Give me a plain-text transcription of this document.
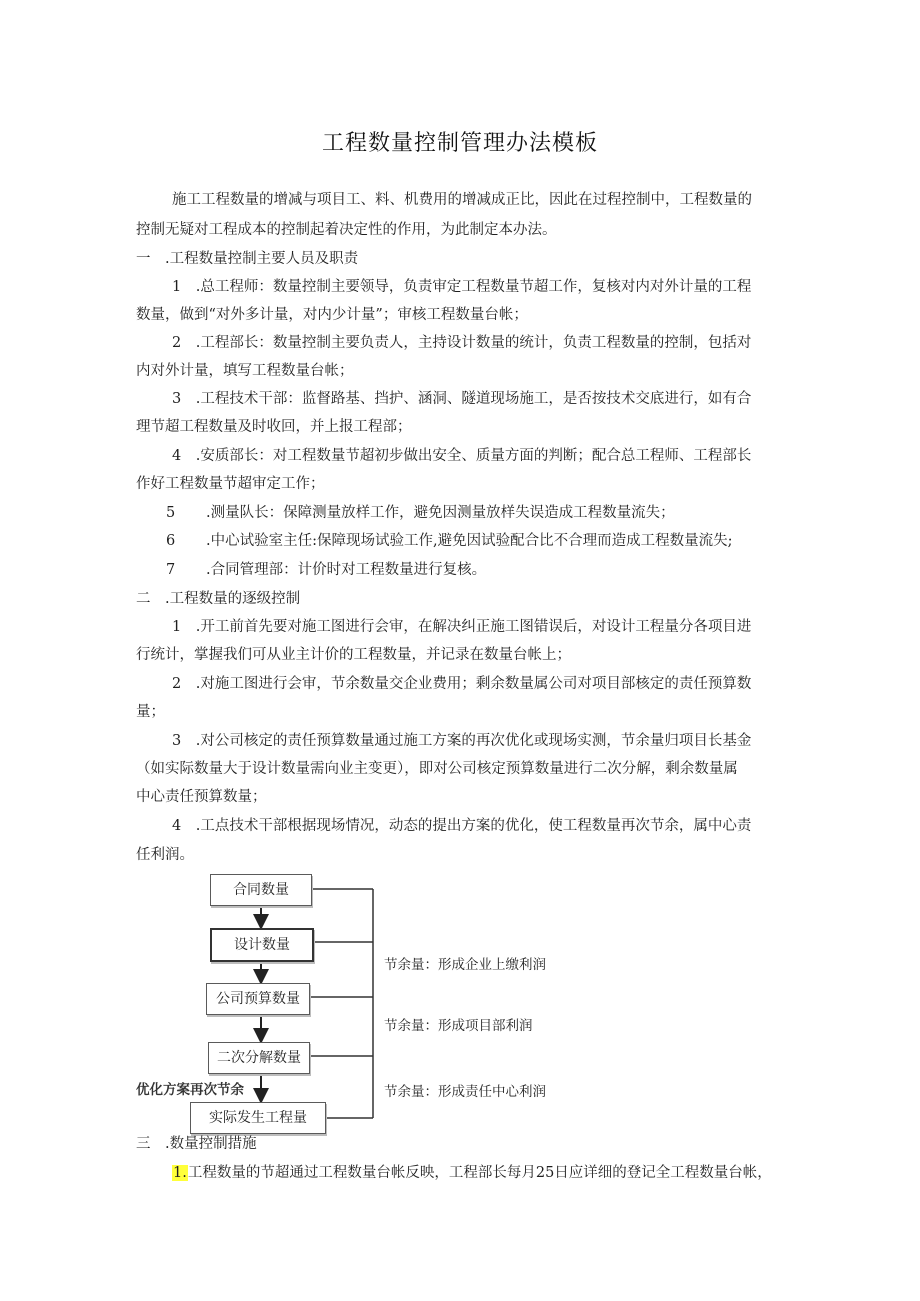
工程数量控制管理办法模板
施工工程数量的增减与项目工、料、机费用的增减成正比，因此在过程控制中，工程数量的
控制无疑对工程成本的控制起着决定性的作用，为此制定本办法。
一　.工程数量控制主要人员及职责
1　.总工程师：数量控制主要领导，负责审定工程数量节超工作，复核对内对外计量的工程
数量，做到“对外多计量，对内少计量”；审核工程数量台帐；
2　.工程部长：数量控制主要负责人，主持设计数量的统计，负责工程数量的控制，包括对
内对外计量，填写工程数量台帐；
3　.工程技术干部：监督路基、挡护、涵洞、隧道现场施工，是否按技术交底进行，如有合
理节超工程数量及时收回，并上报工程部；
4　.安质部长：对工程数量节超初步做出安全、质量方面的判断；配合总工程师、工程部长
作好工程数量节超审定工作；
5 .测量队长：保障测量放样工作，避免因测量放样失误造成工程数量流失；
6 .中心试验室主任:保障现场试验工作,避免因试验配合比不合理而造成工程数量流失;
7 .合同管理部：计价时对工程数量进行复核。
二　.工程数量的逐级控制
1　.开工前首先要对施工图进行会审，在解决纠正施工图错误后，对设计工程量分各项目进
行统计，掌握我们可从业主计价的工程数量，并记录在数量台帐上；
2　.对施工图进行会审，节余数量交企业费用；剩余数量属公司对项目部核定的责任预算数
量；
3　.对公司核定的责任预算数量通过施工方案的再次优化或现场实测，节余量归项目长基金
（如实际数量大于设计数量需向业主变更），即对公司核定预算数量进行二次分解，剩余数量属
中心责任预算数量；
4　.工点技术干部根据现场情况，动态的提出方案的优化，使工程数量再次节余，属中心责
任利润。
合同数量
设计数量
公司预算数量
二次分解数量
实际发生工程量
优化方案再次节余
节余量：形成企业上缴利润
节余量：形成项目部利润
节余量：形成责任中心利润
三　.数量控制措施
1.工程数量的节超通过工程数量台帐反映，工程部长每月25日应详细的登记全工程数量台帐，
